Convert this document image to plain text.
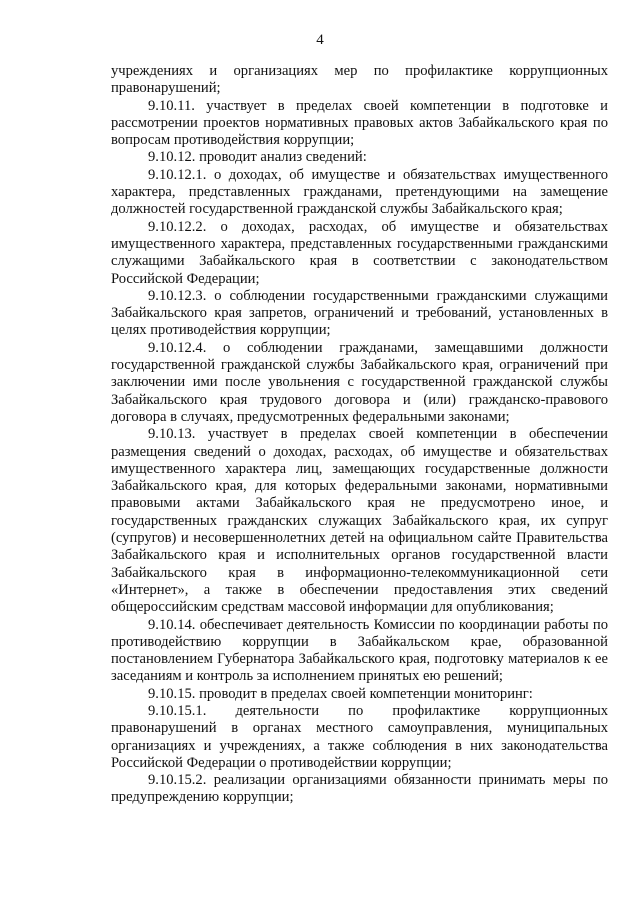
4

учреждениях и организациях мер по профилактике коррупционных правонарушений;

9.10.11. участвует в пределах своей компетенции в подготовке и рассмотрении проектов нормативных правовых актов Забайкальского края по вопросам противодействия коррупции;

9.10.12. проводит анализ сведений:

9.10.12.1. о доходах, об имуществе и обязательствах имущественного характера, представленных гражданами, претендующими на замещение должностей государственной гражданской службы Забайкальского края;

9.10.12.2. о доходах, расходах, об имуществе и обязательствах имущественного характера, представленных государственными гражданскими служащими Забайкальского края в соответствии с законодательством Российской Федерации;

9.10.12.3. о соблюдении государственными гражданскими служащими Забайкальского края запретов, ограничений и требований, установленных в целях противодействия коррупции;

9.10.12.4. о соблюдении гражданами, замещавшими должности государственной гражданской службы Забайкальского края, ограничений при заключении ими после увольнения с государственной гражданской службы Забайкальского края трудового договора и (или) гражданско-правового договора в случаях, предусмотренных федеральными законами;

9.10.13. участвует в пределах своей компетенции в обеспечении размещения сведений о доходах, расходах, об имуществе и обязательствах имущественного характера лиц, замещающих государственные должности Забайкальского края, для которых федеральными законами, нормативными правовыми актами Забайкальского края не предусмотрено иное, и государственных гражданских служащих Забайкальского края, их супруг (супругов) и несовершеннолетних детей на официальном сайте Правительства Забайкальского края и исполнительных органов государственной власти Забайкальского края в информационно-телекоммуникационной сети «Интернет», а также в обеспечении предоставления этих сведений общероссийским средствам массовой информации для опубликования;

9.10.14. обеспечивает деятельность Комиссии по координации работы по противодействию коррупции в Забайкальском крае, образованной постановлением Губернатора Забайкальского края, подготовку материалов к ее заседаниям и контроль за исполнением принятых ею решений;

9.10.15. проводит в пределах своей компетенции мониторинг:

9.10.15.1. деятельности по профилактике коррупционных правонарушений в органах местного самоуправления, муниципальных организациях и учреждениях, а также соблюдения в них законодательства Российской Федерации о противодействии коррупции;

9.10.15.2. реализации организациями обязанности принимать меры по предупреждению коррупции;
